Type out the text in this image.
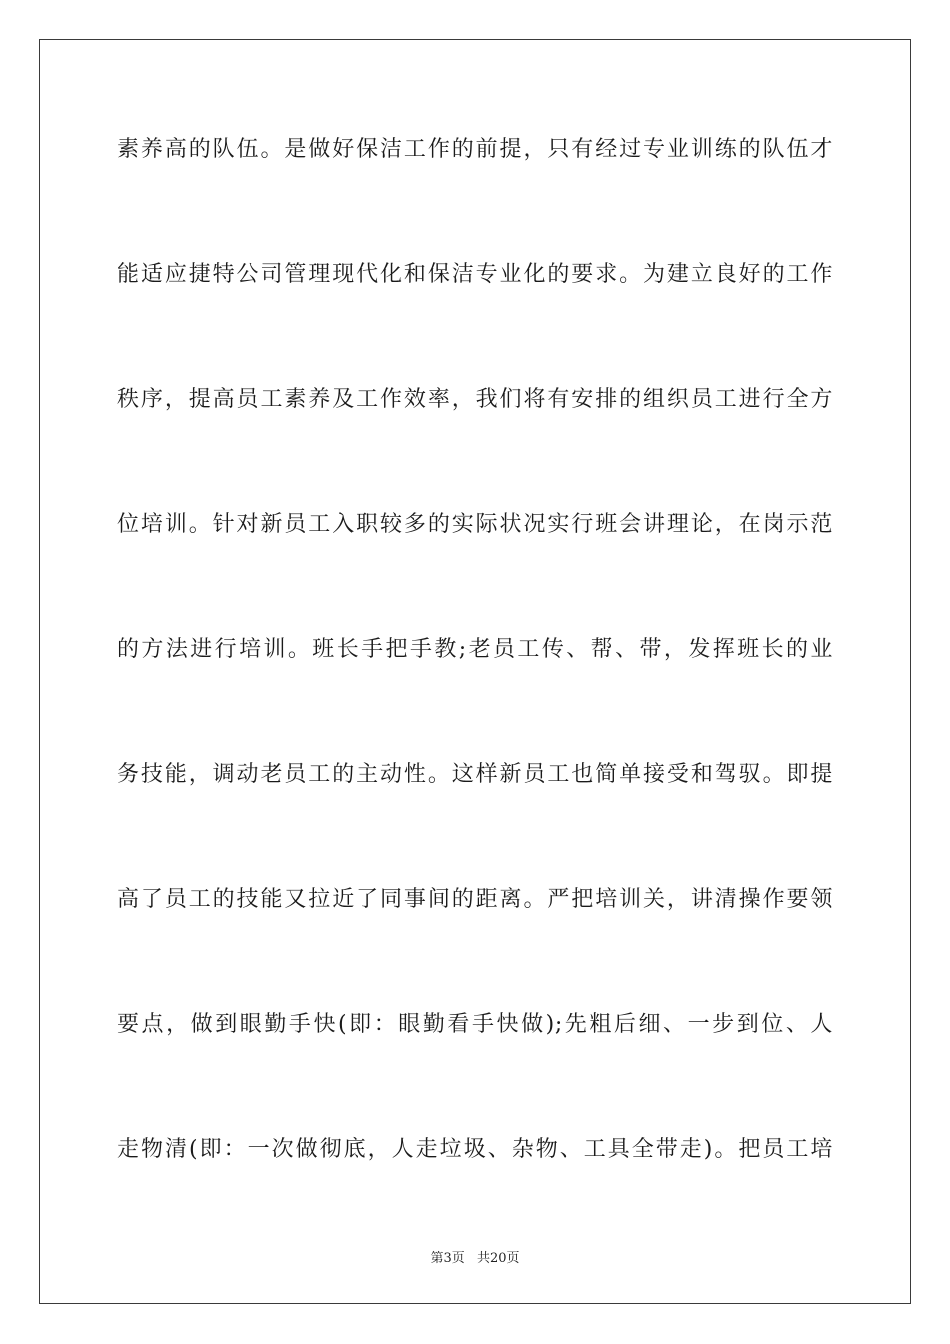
素养高的队伍。是做好保洁工作的前提，只有经过专业训练的队伍才
能适应捷特公司管理现代化和保洁专业化的要求。为建立良好的工作
秩序，提高员工素养及工作效率，我们将有安排的组织员工进行全方
位培训。针对新员工入职较多的实际状况实行班会讲理论，在岗示范
的方法进行培训。班长手把手教;老员工传、帮、带，发挥班长的业
务技能，调动老员工的主动性。这样新员工也简单接受和驾驭。即提
高了员工的技能又拉近了同事间的距离。严把培训关，讲清操作要领
要点，做到眼勤手快(即：眼勤看手快做);先粗后细、一步到位、人
走物清(即：一次做彻底，人走垃圾、杂物、工具全带走)。把员工培
第3页 共20页
